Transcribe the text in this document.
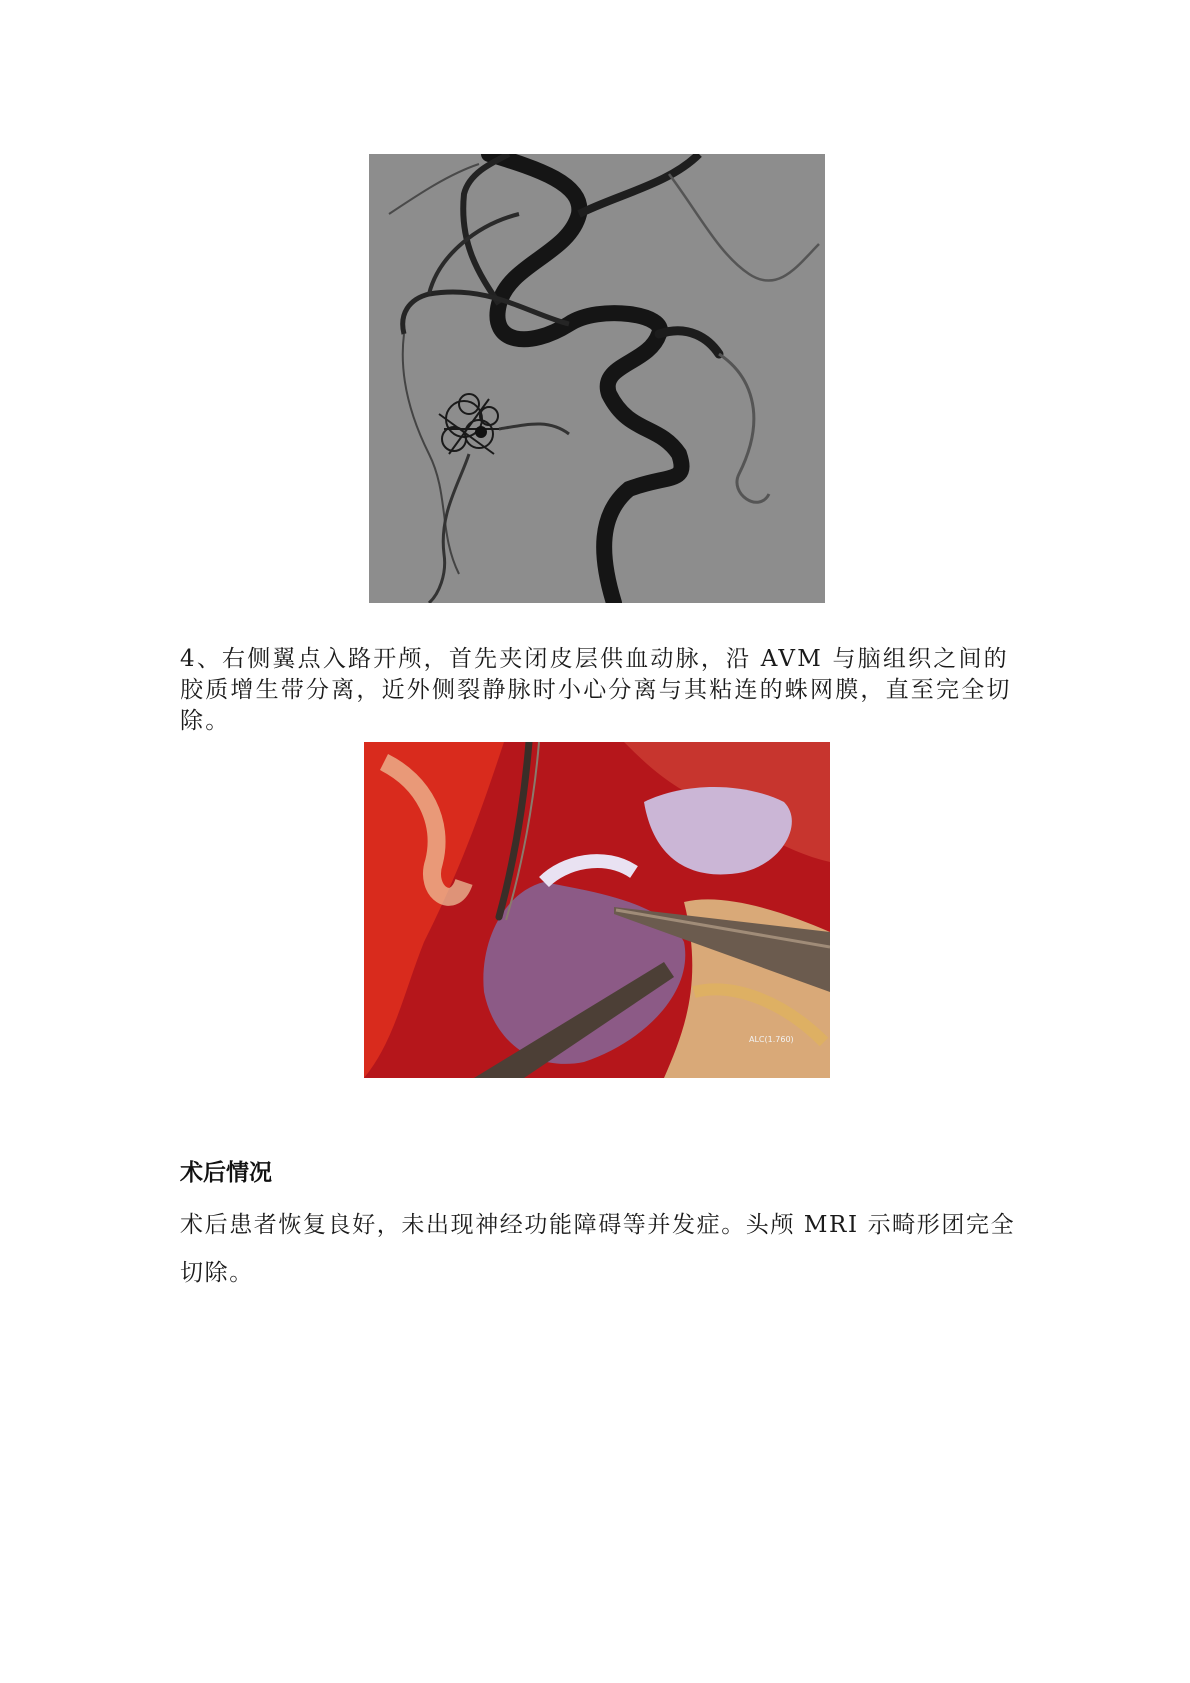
4、右侧翼点入路开颅，首先夹闭皮层供血动脉，沿 AVM 与脑组织之间的胶质增生带分离，近外侧裂静脉时小心分离与其粘连的蛛网膜，直至完全切除。

ALC(1.760)
术后情况

术后患者恢复良好，未出现神经功能障碍等并发症。头颅 MRI 示畸形团完全切除。
